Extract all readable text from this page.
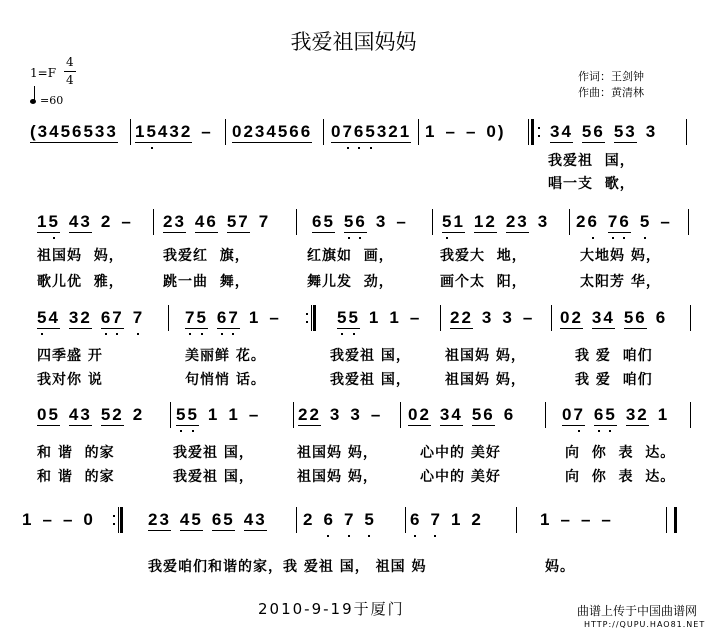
我爱祖国妈妈
1=F
4
4
=60
作词：王剑钟
作曲：黄清林
(3456533 15432 – 0234566 0765321 1 – – 0)	34 56 53 3
我爱祖  国，
唱一支  歌，
15 43 2 – 23 46 57 7 65 56 3 – 51 12 23 3 26 76 5 –
祖国妈  妈，
歌儿优  雅，
我爱红  旗，
跳一曲  舞，
红旗如  画，
舞儿发  劲，
我爱大  地，
画个太  阳，
大地妈 妈，
太阳芳 华，
54 32 67 7 75 67 1 –	55 1 1 – 22 3 3 – 02 34 56 6
四季盛 开
我对你 说
美丽鲜 花。
句悄悄 话。
我爱祖 国，
我爱祖 国，
祖国妈 妈，
祖国妈 妈，
我 爱  咱们
我 爱  咱们
05 43 52 2 55 1 1 – 22 3 3 – 02 34 56 6	07 65 32 1
和 谐  的家
和 谐  的家
我爱祖 国，
我爱祖 国，
祖国妈 妈，
祖国妈 妈，
心中的 美好
心中的 美好
向  你  表  达。
向  你  表  达。
1 – – 0	23 45 65 43 2 6 7 5 6 7 1 2	1 – – –
我爱咱们和谐的家，我 爱祖 国， 祖国 妈	妈。
2010-9-19于厦门	曲谱上传于中国曲谱网
HTTP://QUPU.HAO81.NET
